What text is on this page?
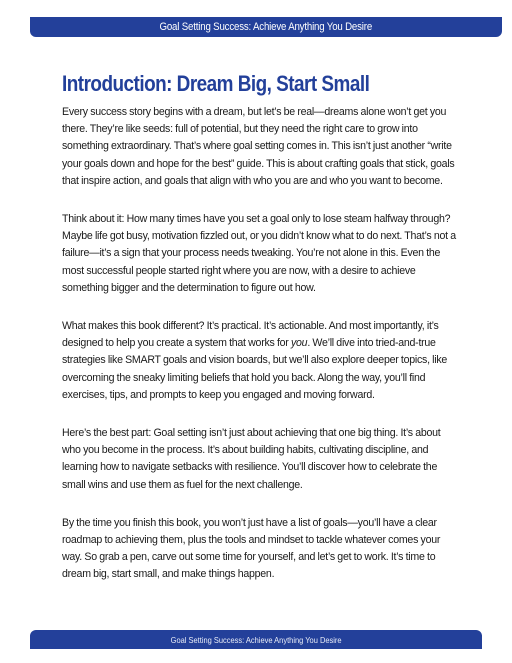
Goal Setting Success: Achieve Anything You Desire
Introduction: Dream Big, Start Small

Every success story begins with a dream, but let’s be real—dreams alone won’t get you there. They’re like seeds: full of potential, but they need the right care to grow into something extraordinary. That’s where goal setting comes in. This isn’t just another “write your goals down and hope for the best” guide. This is about crafting goals that stick, goals that inspire action, and goals that align with who you are and who you want to become.

Think about it: How many times have you set a goal only to lose steam halfway through? Maybe life got busy, motivation fizzled out, or you didn’t know what to do next. That’s not a failure—it’s a sign that your process needs tweaking. You’re not alone in this. Even the most successful people started right where you are now, with a desire to achieve something bigger and the determination to figure out how.

What makes this book different? It’s practical. It’s actionable. And most importantly, it’s designed to help you create a system that works for you. We’ll dive into tried-and-true strategies like SMART goals and vision boards, but we’ll also explore deeper topics, like overcoming the sneaky limiting beliefs that hold you back. Along the way, you’ll find exercises, tips, and prompts to keep you engaged and moving forward.

Here’s the best part: Goal setting isn’t just about achieving that one big thing. It’s about who you become in the process. It’s about building habits, cultivating discipline, and learning how to navigate setbacks with resilience. You’ll discover how to celebrate the small wins and use them as fuel for the next challenge.

By the time you finish this book, you won’t just have a list of goals—you’ll have a clear roadmap to achieving them, plus the tools and mindset to tackle whatever comes your way. So grab a pen, carve out some time for yourself, and let’s get to work. It’s time to dream big, start small, and make things happen.

Goal Setting Success: Achieve Anything You Desire
